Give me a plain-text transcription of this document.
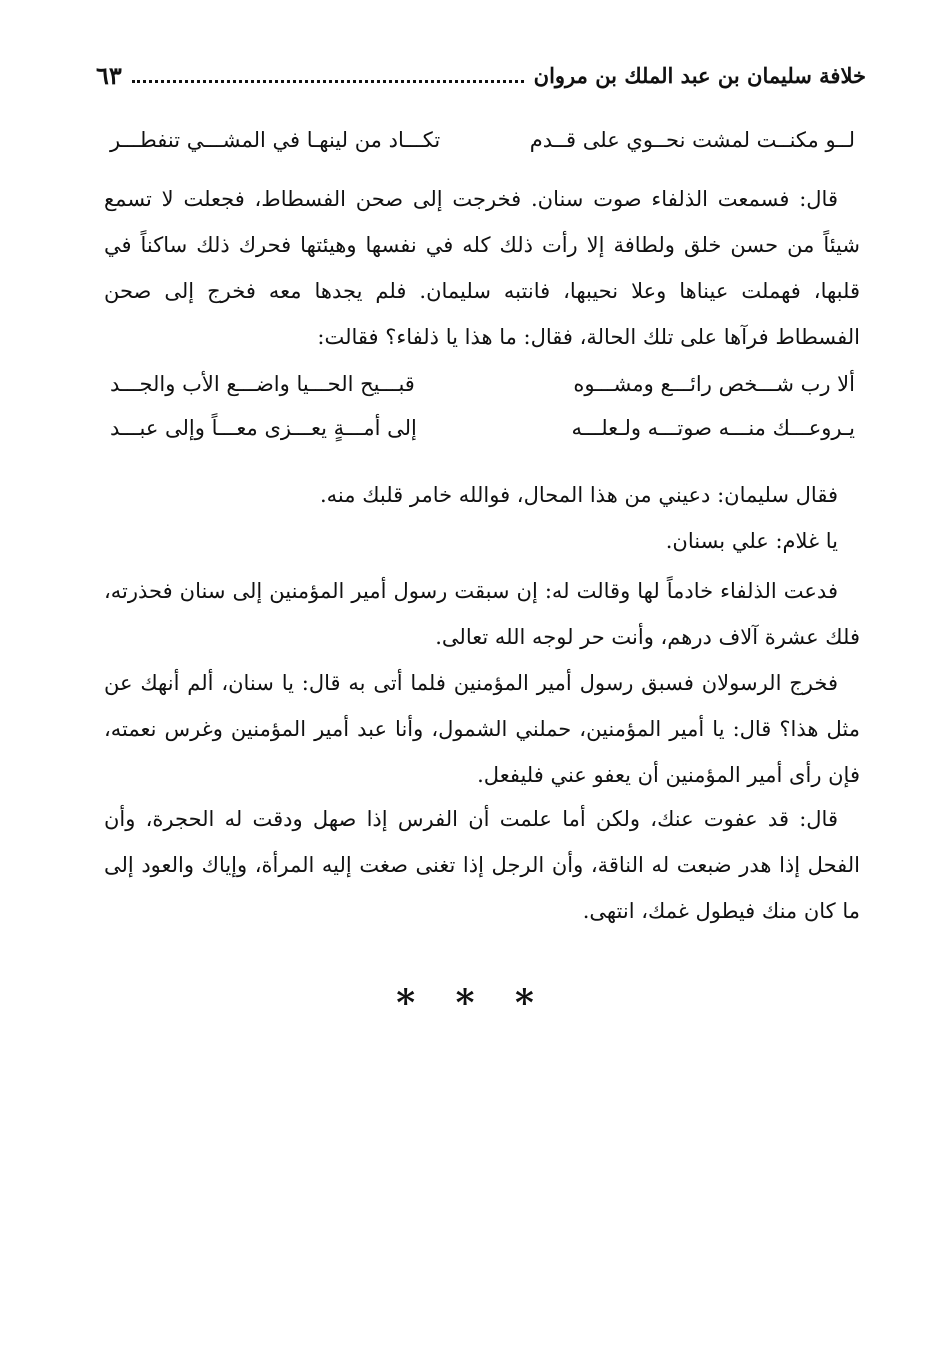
خلافة سليمان بن عبد الملك بن مروان
٦٣
لــو مكنــت لمشت نحــوي على قــدم
تكـــاد من لينهـا في المشـــي تنفطـــر

قال: فسمعت الذلفاء صوت سنان. فخرجت إلى صحن الفسطاط، فجعلت لا تسمع شيئاً من حسن خلق ولطافة إلا رأت ذلك كله في نفسها وهيئتها فحرك ذلك ساكناً في قلبها، فهملت عيناها وعلا نحيبها، فانتبه سليمان. فلم يجدها معه فخرج إلى صحن الفسطاط فرآها على تلك الحالة، فقال: ما هذا يا ذلفاء؟ فقالت:

ألا رب شـــخص رائـــع ومشـــوه
قبـــيح الحـــيا واضـــع الأب والجـــد
يـروعـــك منـــه صوتـــه ولـعلـــه
إلى أمـــةٍ يعـــزى معـــاً وإلى عبـــد

فقال سليمان: دعيني من هذا المحال، فوالله خامر قلبك منه.

يا غلام: علي بسنان.

فدعت الذلفاء خادماً لها وقالت له: إن سبقت رسول أمير المؤمنين إلى سنان فحذرته، فلك عشرة آلاف درهم، وأنت حر لوجه الله تعالى.

فخرج الرسولان فسبق رسول أمير المؤمنين فلما أتى به قال: يا سنان، ألم أنهك عن مثل هذا؟ قال: يا أمير المؤمنين، حملني الشمول، وأنا عبد أمير المؤمنين وغرس نعمته، فإن رأى أمير المؤمنين أن يعفو عني فليفعل.

قال: قد عفوت عنك، ولكن أما علمت أن الفرس إذا صهل ودقت له الحجرة، وأن الفحل إذا هدر ضبعت له الناقة، وأن الرجل إذا تغنى صغت إليه المرأة، وإياك والعود إلى ما كان منك فيطول غمك، انتهى.

* * *
